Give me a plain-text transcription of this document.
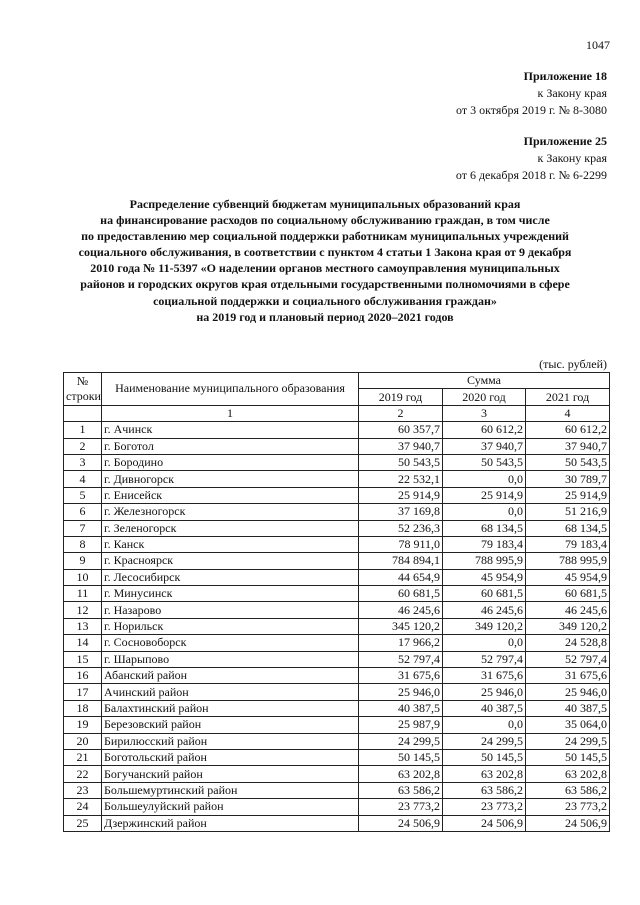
1047
Приложение 18
к Закону края
от 3 октября 2019 г. № 8-3080
Приложение 25
к Закону края
от 6 декабря 2018 г. № 6-2299
Распределение субвенций бюджетам муниципальных образований края
на финансирование расходов по социальному обслуживанию граждан, в том числе
по предоставлению мер социальной поддержки работникам муниципальных учреждений
социального обслуживания, в соответствии с пунктом 4 статьи 1 Закона края от 9 декабря
2010 года № 11-5397 «О наделении органов местного самоуправления муниципальных
районов и городских округов края отдельными государственными полномочиями в сфере
социальной поддержки и социального обслуживания граждан»
на 2019 год и плановый период 2020–2021 годов
(тыс. рублей)
№ строки	Наименование муниципального образования	Сумма		
		2019 год	2020 год	2021 год
	1	2	3	4
1	г. Ачинск	60 357,7	60 612,2	60 612,2
2	г. Боготол	37 940,7	37 940,7	37 940,7
3	г. Бородино	50 543,5	50 543,5	50 543,5
4	г. Дивногорск	22 532,1	0,0	30 789,7
5	г. Енисейск	25 914,9	25 914,9	25 914,9
6	г. Железногорск	37 169,8	0,0	51 216,9
7	г. Зеленогорск	52 236,3	68 134,5	68 134,5
8	г. Канск	78 911,0	79 183,4	79 183,4
9	г. Красноярск	784 894,1	788 995,9	788 995,9
10	г. Лесосибирск	44 654,9	45 954,9	45 954,9
11	г. Минусинск	60 681,5	60 681,5	60 681,5
12	г. Назарово	46 245,6	46 245,6	46 245,6
13	г. Норильск	345 120,2	349 120,2	349 120,2
14	г. Сосновоборск	17 966,2	0,0	24 528,8
15	г. Шарыпово	52 797,4	52 797,4	52 797,4
16	Абанский район	31 675,6	31 675,6	31 675,6
17	Ачинский район	25 946,0	25 946,0	25 946,0
18	Балахтинский район	40 387,5	40 387,5	40 387,5
19	Березовский район	25 987,9	0,0	35 064,0
20	Бирилюсский район	24 299,5	24 299,5	24 299,5
21	Боготольский район	50 145,5	50 145,5	50 145,5
22	Богучанский район	63 202,8	63 202,8	63 202,8
23	Большемуртинский район	63 586,2	63 586,2	63 586,2
24	Большеулуйский район	23 773,2	23 773,2	23 773,2
25	Дзержинский район	24 506,9	24 506,9	24 506,9
